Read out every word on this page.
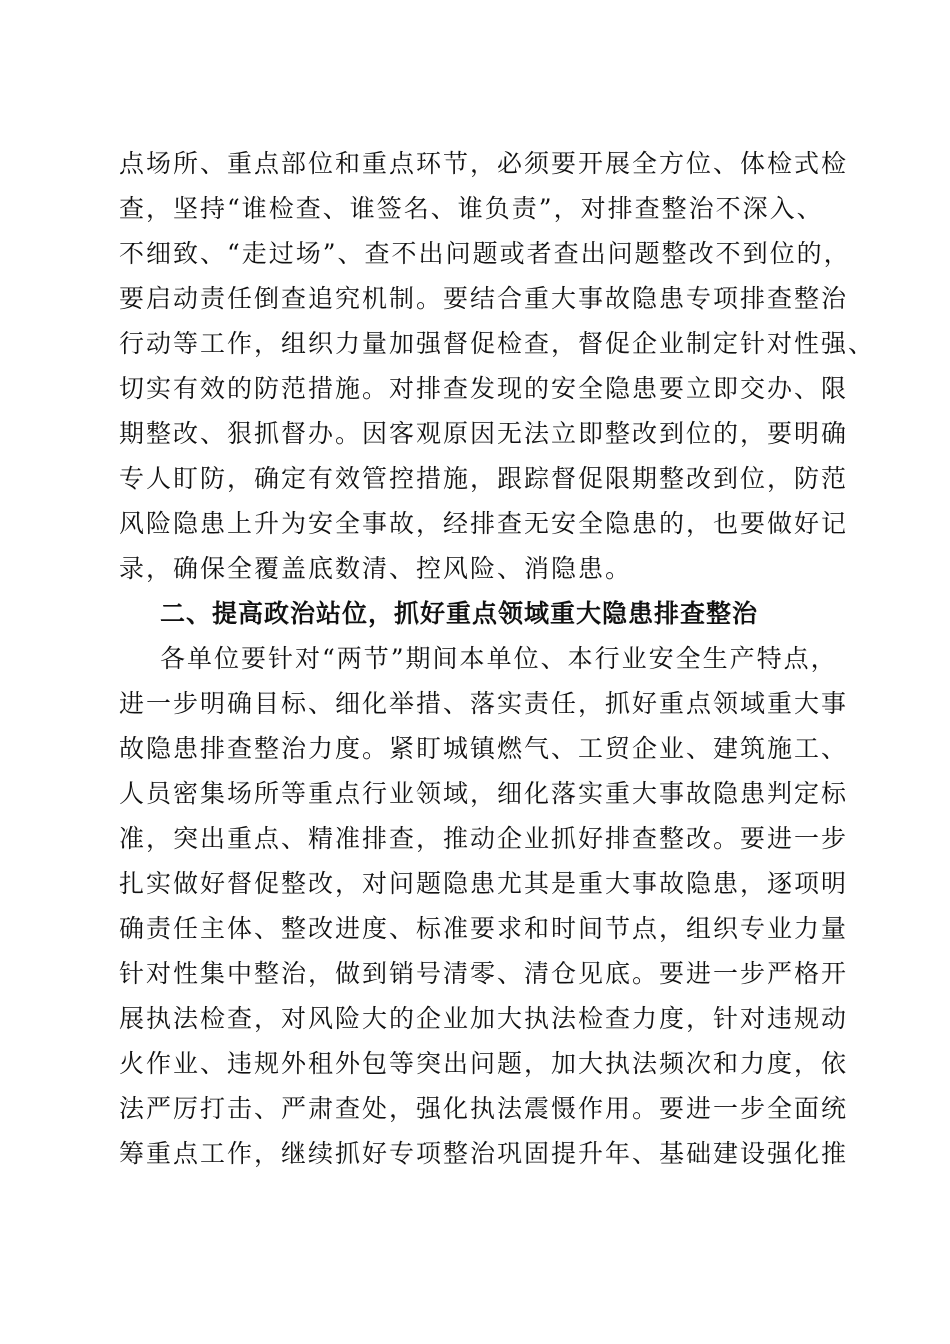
点场所、重点部位和重点环节，必须要开展全方位、体检式检
查，坚持“谁检查、谁签名、谁负责”，对排查整治不深入、
不细致、“走过场”、查不出问题或者查出问题整改不到位的，
要启动责任倒查追究机制。要结合重大事故隐患专项排查整治
行动等工作，组织力量加强督促检查，督促企业制定针对性强、
切实有效的防范措施。对排查发现的安全隐患要立即交办、限
期整改、狠抓督办。因客观原因无法立即整改到位的，要明确
专人盯防，确定有效管控措施，跟踪督促限期整改到位，防范
风险隐患上升为安全事故，经排查无安全隐患的，也要做好记
录，确保全覆盖底数清、控风险、消隐患。
二、提高政治站位，抓好重点领域重大隐患排查整治
各单位要针对“两节”期间本单位、本行业安全生产特点，
进一步明确目标、细化举措、落实责任，抓好重点领域重大事
故隐患排查整治力度。紧盯城镇燃气、工贸企业、建筑施工、
人员密集场所等重点行业领域，细化落实重大事故隐患判定标
准，突出重点、精准排查，推动企业抓好排查整改。要进一步
扎实做好督促整改，对问题隐患尤其是重大事故隐患，逐项明
确责任主体、整改进度、标准要求和时间节点，组织专业力量
针对性集中整治，做到销号清零、清仓见底。要进一步严格开
展执法检查，对风险大的企业加大执法检查力度，针对违规动
火作业、违规外租外包等突出问题，加大执法频次和力度，依
法严厉打击、严肃查处，强化执法震慑作用。要进一步全面统
筹重点工作，继续抓好专项整治巩固提升年、基础建设强化推
